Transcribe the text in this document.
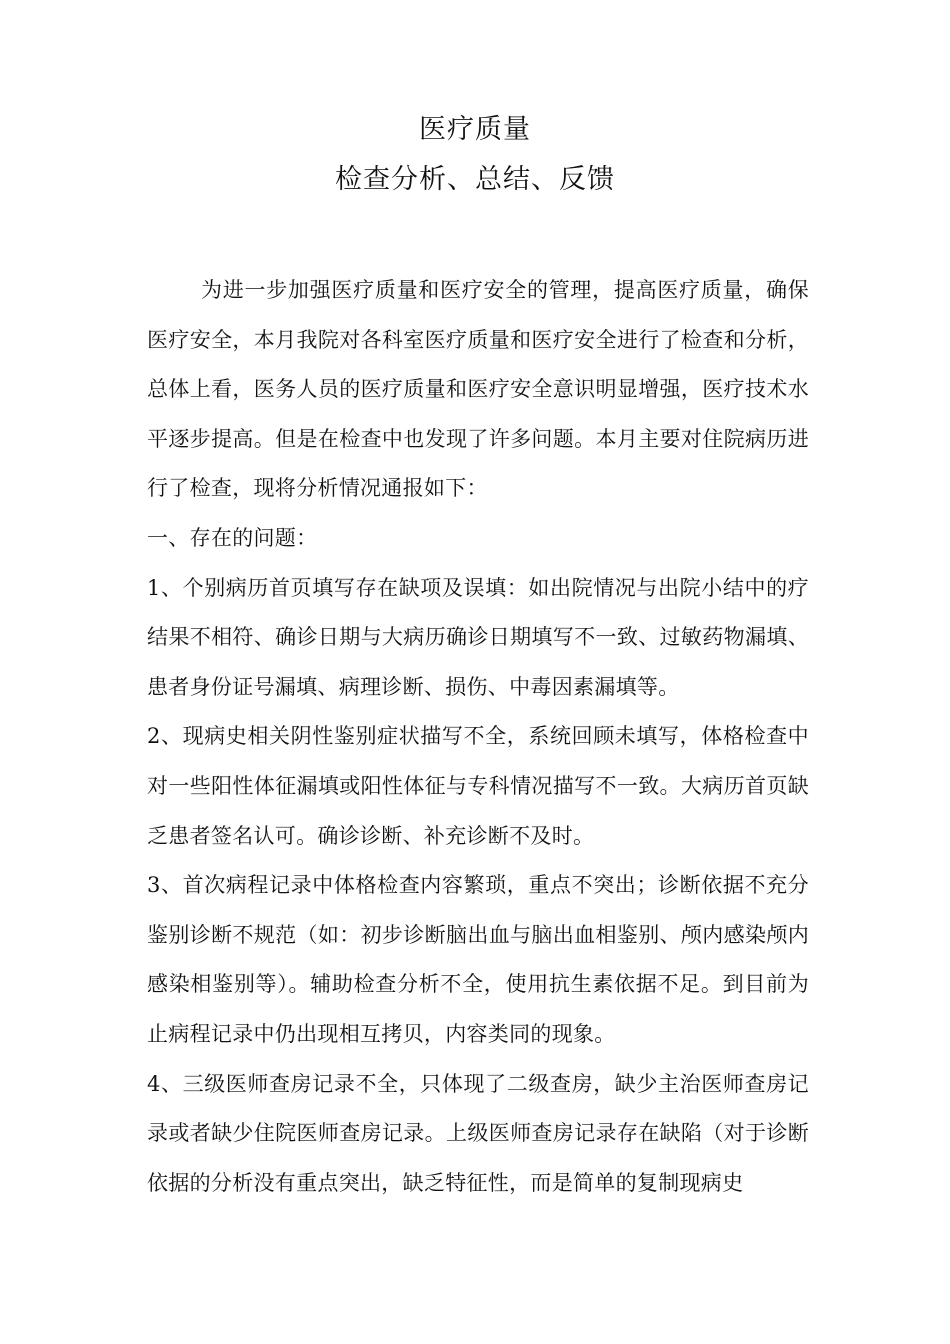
医疗质量
检查分析、总结、反馈

为进一步加强医疗质量和医疗安全的管理，提高医疗质量，确保医疗安全，本月我院对各科室医疗质量和医疗安全进行了检查和分析，总体上看，医务人员的医疗质量和医疗安全意识明显增强，医疗技术水平逐步提高。但是在检查中也发现了许多问题。本月主要对住院病历进行了检查，现将分析情况通报如下：

一、存在的问题：

1、个别病历首页填写存在缺项及误填：如出院情况与出院小结中的疗结果不相符、确诊日期与大病历确诊日期填写不一致、过敏药物漏填、患者身份证号漏填、病理诊断、损伤、中毒因素漏填等。

2、现病史相关阴性鉴别症状描写不全，系统回顾未填写，体格检查中对一些阳性体征漏填或阳性体征与专科情况描写不一致。大病历首页缺乏患者签名认可。确诊诊断、补充诊断不及时。

3、首次病程记录中体格检查内容繁琐，重点不突出；诊断依据不充分鉴别诊断不规范（如：初步诊断脑出血与脑出血相鉴别、颅内感染颅内感染相鉴别等）。辅助检查分析不全，使用抗生素依据不足。到目前为止病程记录中仍出现相互拷贝，内容类同的现象。

4、三级医师查房记录不全，只体现了二级查房，缺少主治医师查房记录或者缺少住院医师查房记录。上级医师查房记录存在缺陷（对于诊断依据的分析没有重点突出，缺乏特征性，而是简单的复制现病史
